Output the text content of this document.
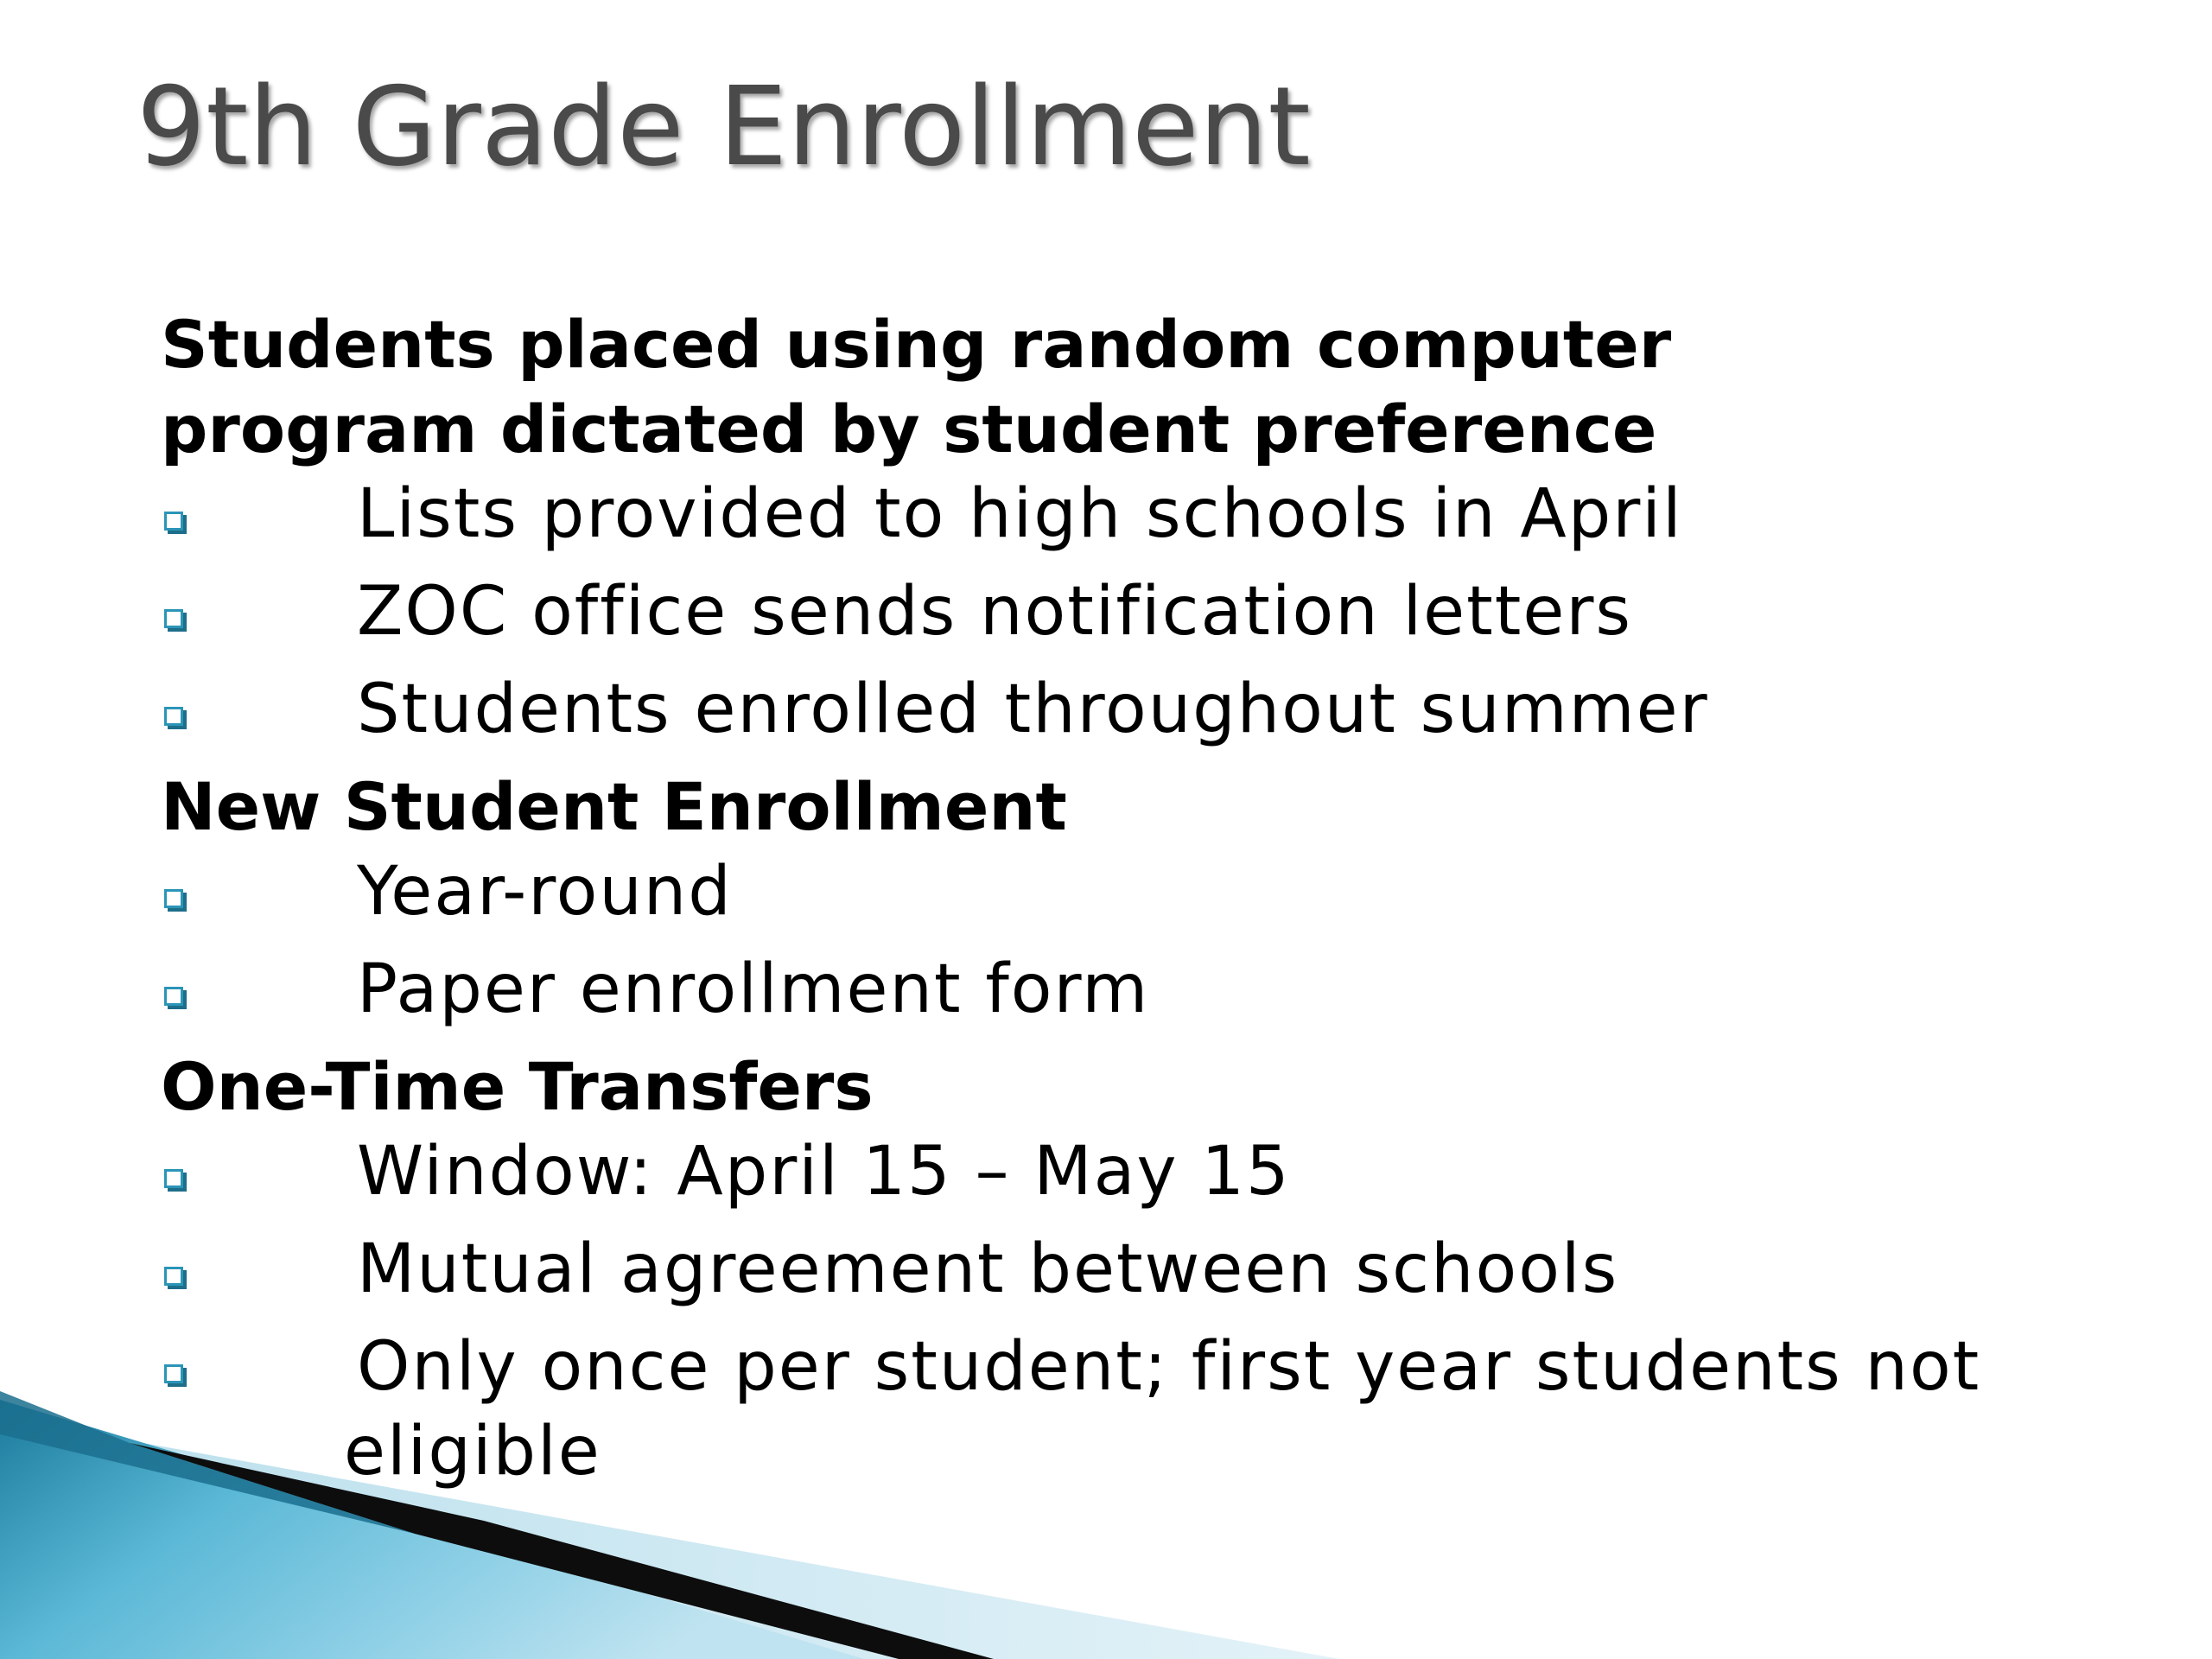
9th Grade Enrollment

Students placed using random computer program dictated by student preference

Lists provided to high schools in April
ZOC office sends notification letters
Students enrolled throughout summer

New Student Enrollment

Year-round
Paper enrollment form

One-Time Transfers

Window: April 15 – May 15
Mutual agreement between schools
Only once per student; first year students not eligible
